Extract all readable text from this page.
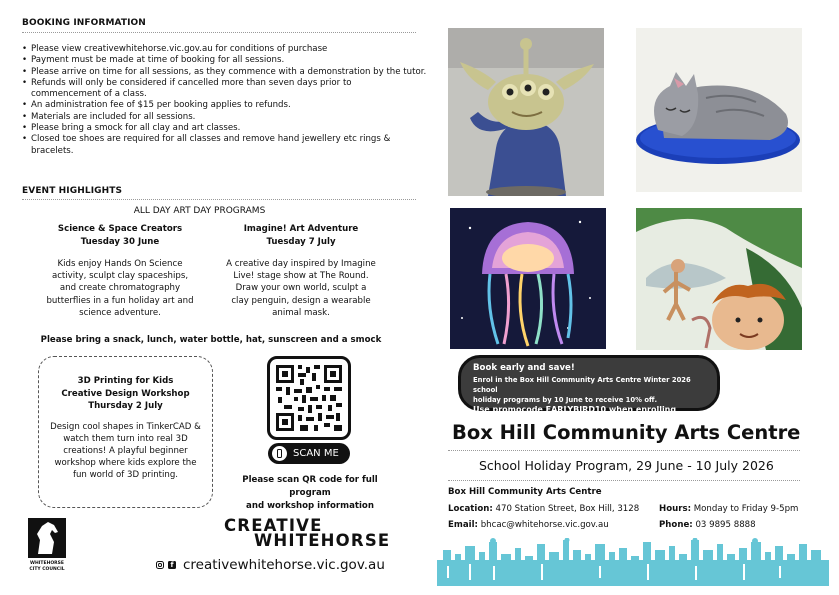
BOOKING INFORMATION
• Please view creativewhitehorse.vic.gov.au for conditions of purchase
• Payment must be made at time of booking for all sessions.
• Please arrive on time for all sessions, as they commence with a demonstration by the tutor.
• Refunds will only be considered if cancelled more than seven days prior to commencement of a class.
• An administration fee of $15 per booking applies to refunds.
• Materials are included for all sessions.
• Please bring a smock for all clay and art classes.
• Closed toe shoes are required for all classes and remove hand jewellery etc rings & bracelets.
EVENT HIGHLIGHTS
ALL DAY ART DAY PROGRAMS
Science & Space Creators
Tuesday 30 June
Kids enjoy Hands On Science activity, sculpt clay spaceships, and create chromatography butterflies in a fun holiday art and science adventure.
Imagine! Art Adventure
Tuesday 7 July
A creative day inspired by Imagine Live! stage show at The Round. Draw your own world, sculpt a clay penguin, design a wearable animal mask.
Please bring a snack, lunch, water bottle, hat, sunscreen and a smock
3D Printing for Kids
Creative Design Workshop
Thursday 2 July
Design cool shapes in TinkerCAD & watch them turn into real 3D creations! A playful beginner workshop where kids explore the fun world of 3D printing.
SCAN ME
Please scan QR code for full program
and workshop information
WHITEHORSE
CITY COUNCIL
CREATIVE
WHITEHORSE
f creativewhitehorse.vic.gov.au
Book early and save!
Enrol in the Box Hill Community Arts Centre Winter 2026 school
holiday programs by 10 June to receive 10% off.
Use promocode EARLYBIRD10 when enrolling online.
Box Hill Community Arts Centre
School Holiday Program, 29 June - 10 July 2026
Box Hill Community Arts Centre
Location: 470 Station Street, Box Hill, 3128 Hours: Monday to Friday 9-5pm
Email: bhcac@whitehorse.vic.gov.au	Phone: 03 9895 8888
